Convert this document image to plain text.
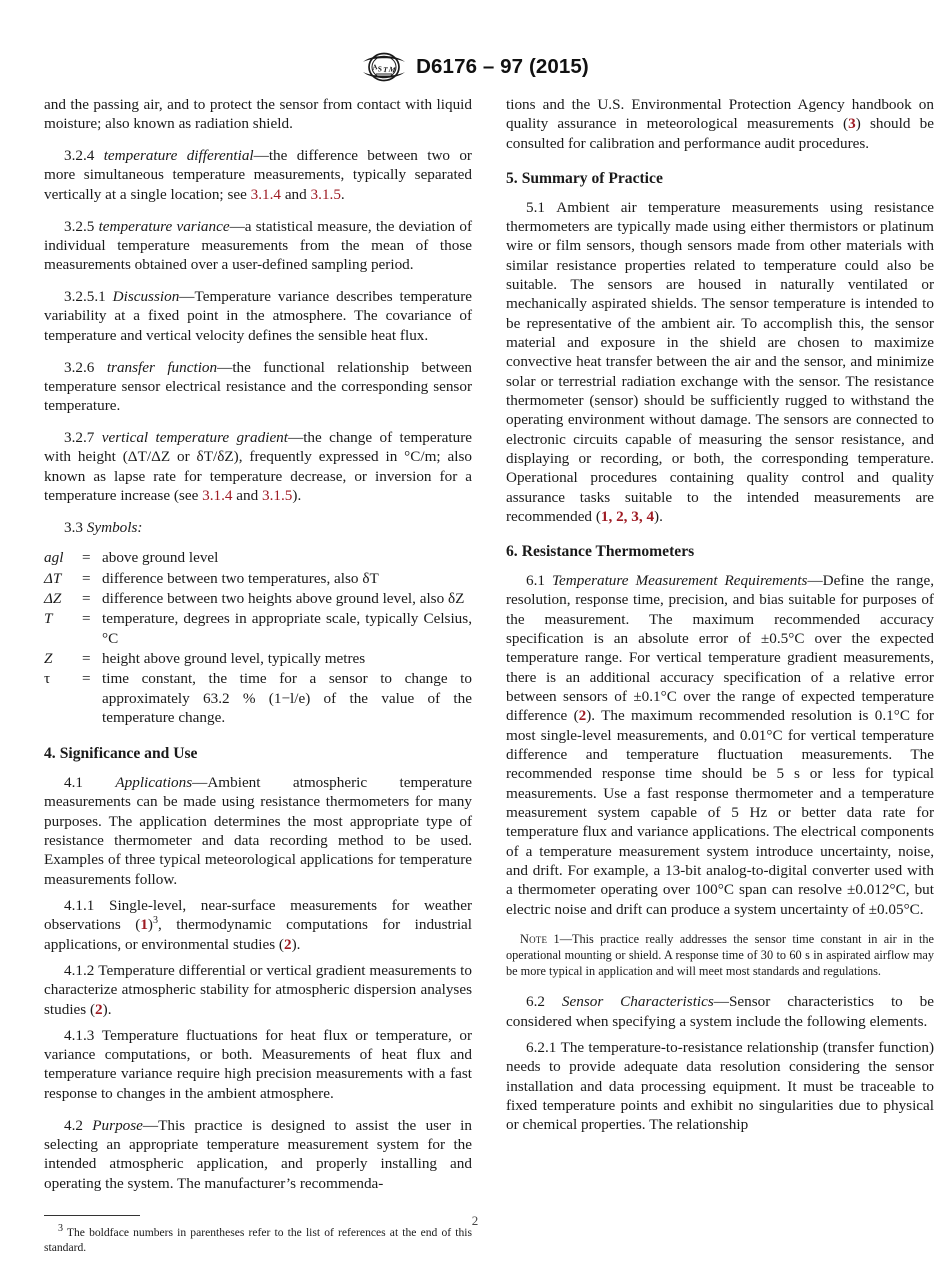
A
S T M D6176 – 97 (2015)

and the passing air, and to protect the sensor from contact with liquid moisture; also known as radiation shield.

3.2.4 temperature differential—the difference between two or more simultaneous temperature measurements, typically separated vertically at a single location; see 3.1.4 and 3.1.5.

3.2.5 temperature variance—a statistical measure, the deviation of individual temperature measurements from the mean of those measurements obtained over a user-defined sampling period.

3.2.5.1 Discussion—Temperature variance describes temperature variability at a fixed point in the atmosphere. The covariance of temperature and vertical velocity defines the sensible heat flux.

3.2.6 transfer function—the functional relationship between temperature sensor electrical resistance and the corresponding sensor temperature.

3.2.7 vertical temperature gradient—the change of temperature with height (ΔT/ΔZ or δT/δZ), frequently expressed in °C/m; also known as lapse rate for temperature decrease, or inversion for a temperature increase (see 3.1.4 and 3.1.5).

3.3 Symbols:

agl	=	above ground level
ΔT	=	difference between two temperatures, also δT
ΔZ	=	difference between two heights above ground level, also δZ
T	=	temperature, degrees in appropriate scale, typically Celsius, °C
Z	=	height above ground level, typically metres
τ	=	time constant, the time for a sensor to change to approximately 63.2 % (1−l/e) of the value of the temperature change.
4. Significance and Use

4.1 Applications—Ambient atmospheric temperature measurements can be made using resistance thermometers for many purposes. The application determines the most appropriate type of resistance thermometer and data recording method to be used. Examples of three typical meteorological applications for temperature measurements follow.

4.1.1 Single-level, near-surface measurements for weather observations (1)$^3$, thermodynamic computations for industrial applications, or environmental studies (2).

4.1.2 Temperature differential or vertical gradient measurements to characterize atmospheric stability for atmospheric dispersion analyses studies (2).

4.1.3 Temperature fluctuations for heat flux or temperature, or variance computations, or both. Measurements of heat flux and temperature variance require high precision measurements with a fast response to changes in the ambient atmosphere.

4.2 Purpose—This practice is designed to assist the user in selecting an appropriate temperature measurement system for the intended atmospheric application, and properly installing and operating the system. The manufacturer’s recommenda-

$^3$ The boldface numbers in parentheses refer to the list of references at the end of this standard.

tions and the U.S. Environmental Protection Agency handbook on quality assurance in meteorological measurements (3) should be consulted for calibration and performance audit procedures.

5. Summary of Practice

5.1 Ambient air temperature measurements using resistance thermometers are typically made using either thermistors or platinum wire or film sensors, though sensors made from other materials with similar resistance properties related to temperature could also be suitable. The sensors are housed in naturally ventilated or mechanically aspirated shields. The sensor temperature is intended to be representative of the ambient air. To accomplish this, the sensor material and exposure in the shield are chosen to maximize convective heat transfer between the air and the sensor, and minimize solar or terrestrial radiation exchange with the sensor. The resistance thermometer (sensor) should be sufficiently rugged to withstand the operating environment without damage. The sensors are connected to electronic circuits capable of measuring the sensor resistance, and displaying or recording, or both, the corresponding temperature. Operational procedures containing quality control and quality assurance tasks suitable to the intended measurements are recommended (1, 2, 3, 4).

6. Resistance Thermometers

6.1 Temperature Measurement Requirements—Define the range, resolution, response time, precision, and bias suitable for purposes of the measurement. The maximum recommended accuracy specification is an absolute error of ±0.5°C over the expected temperature range. For vertical temperature gradient measurements, there is an additional accuracy specification of a relative error between sensors of ±0.1°C over the range of expected temperature difference (2). The maximum recommended resolution is 0.1°C for most single-level measurements, and 0.01°C for vertical temperature difference and temperature fluctuation measurements. The recommended response time should be 5 s or less for typical measurements. Use a fast response thermometer and a temperature measurement system capable of 5 Hz or better data rate for temperature flux and variance applications. The electrical components of a temperature measurement system introduce uncertainty, noise, and drift. For example, a 13-bit analog-to-digital converter used with a thermometer operating over 100°C span can resolve ±0.012°C, but electric noise and drift can produce a system uncertainty of ±0.05°C.

Note 1—This practice really addresses the sensor time constant in air in the operational mounting or shield. A response time of 30 to 60 s in aspirated airflow may be more typical in application and will meet most standards and regulations.

6.2 Sensor Characteristics—Sensor characteristics to be considered when specifying a system include the following elements.

6.2.1 The temperature-to-resistance relationship (transfer function) needs to provide adequate data resolution considering the sensor installation and data processing equipment. It must be traceable to fixed temperature points and exhibit no singularities due to physical or chemical properties. The relationship

2
